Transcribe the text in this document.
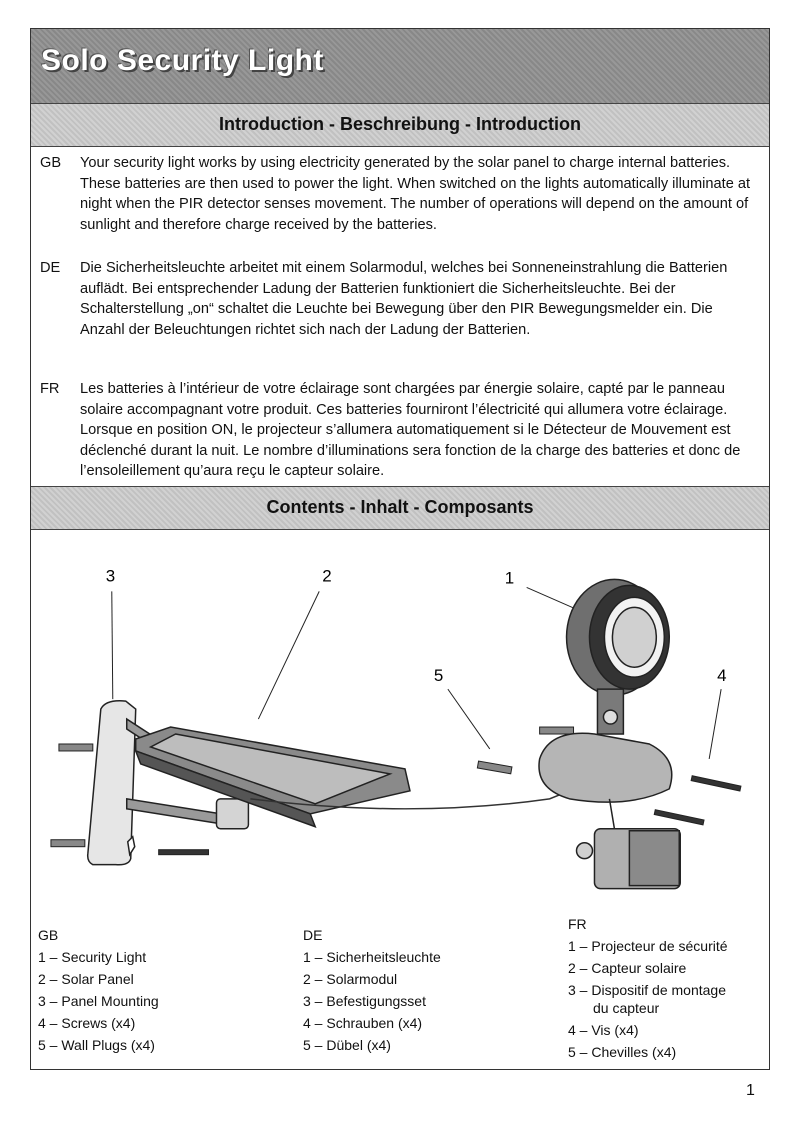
Solo Security Light
Introduction - Beschreibung - Introduction
GB Your security light works by using electricity generated by the solar panel to charge internal batteries. These batteries are then used to power the light. When switched on the lights automatically illuminate at night when the PIR detector senses movement. The number of operations will depend on the amount of sunlight and therefore charge received by the batteries.
DE Die Sicherheitsleuchte arbeitet mit einem Solarmodul, welches bei Sonneneinstrahlung die Batterien auflädt. Bei entsprechender Ladung der Batterien funktioniert die Sicherheitsleuchte. Bei der Schalterstellung „on“ schaltet die Leuchte bei Bewegung über den PIR Bewegungsmelder ein. Die Anzahl der Beleuchtungen richtet sich nach der Ladung der Batterien.
FR Les batteries à l’intérieur de votre éclairage sont chargées par énergie solaire, capté par le panneau solaire accompagnant votre produit. Ces batteries fourniront l’électricité qui allumera votre éclairage. Lorsque en position ON, le projecteur s’allumera automatiquement si le Détecteur de Mouvement est déclenché durant la nuit. Le nombre d’illuminations sera fonction de la charge des batteries et donc de l’ensoleillement qu’aura reçu le capteur solaire.
Contents - Inhalt - Composants
3	2	1
5	4
GB
1 – Security Light
2 – Solar Panel
3 – Panel Mounting
4 – Screws (x4)
5 – Wall Plugs (x4)
DE
1 – Sicherheitsleuchte
2 – Solarmodul
3 – Befestigungsset
4 – Schrauben (x4)
5 – Dübel (x4)
FR
1 – Projecteur de sécurité
2 – Capteur solaire
3 – Dispositif de montage
du capteur
4 – Vis (x4)
5 – Chevilles (x4)
1
